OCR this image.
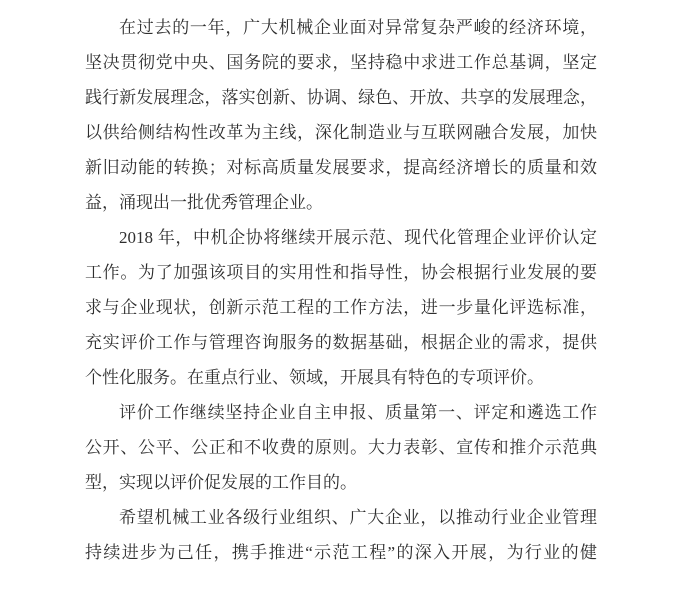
在过去的一年，广大机械企业面对异常复杂严峻的经济环境，
坚决贯彻党中央、国务院的要求，坚持稳中求进工作总基调，坚定
践行新发展理念，落实创新、协调、绿色、开放、共享的发展理念，
以供给侧结构性改革为主线，深化制造业与互联网融合发展，加快
新旧动能的转换；对标高质量发展要求，提高经济增长的质量和效
益，涌现出一批优秀管理企业。
2018 年，中机企协将继续开展示范、现代化管理企业评价认定
工作。为了加强该项目的实用性和指导性，协会根据行业发展的要
求与企业现状，创新示范工程的工作方法，进一步量化评选标准，
充实评价工作与管理咨询服务的数据基础，根据企业的需求，提供
个性化服务。在重点行业、领域，开展具有特色的专项评价。
评价工作继续坚持企业自主申报、质量第一、评定和遴选工作
公开、公平、公正和不收费的原则。大力表彰、宣传和推介示范典
型，实现以评价促发展的工作目的。
希望机械工业各级行业组织、广大企业，以推动行业企业管理
持续进步为己任，携手推进“示范工程”的深入开展，为行业的健
